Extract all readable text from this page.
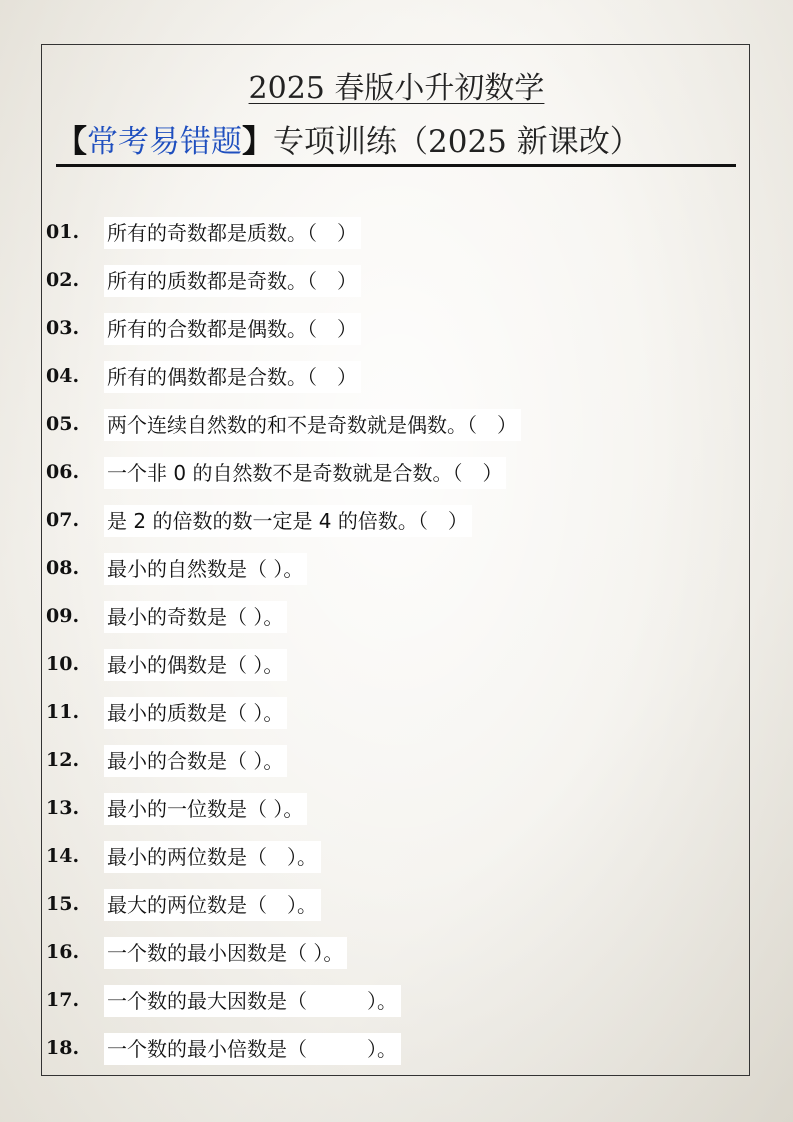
2025 春版小升初数学
【常考易错题】专项训练（2025 新课改）
01. 所有的奇数都是质数。（　）
02. 所有的质数都是奇数。（　）
03. 所有的合数都是偶数。（　）
04. 所有的偶数都是合数。（　）
05. 两个连续自然数的和不是奇数就是偶数。（　）
06. 一个非 0 的自然数不是奇数就是合数。（　）
07. 是 2 的倍数的数一定是 4 的倍数。（　）
08. 最小的自然数是（ ）。
09. 最小的奇数是（ ）。
10. 最小的偶数是（ ）。
11. 最小的质数是（ ）。
12. 最小的合数是（ ）。
13. 最小的一位数是（ ）。
14. 最小的两位数是（　）。
15. 最大的两位数是（　）。
16. 一个数的最小因数是（ ）。
17. 一个数的最大因数是（　　　）。
18. 一个数的最小倍数是（　　　）。
